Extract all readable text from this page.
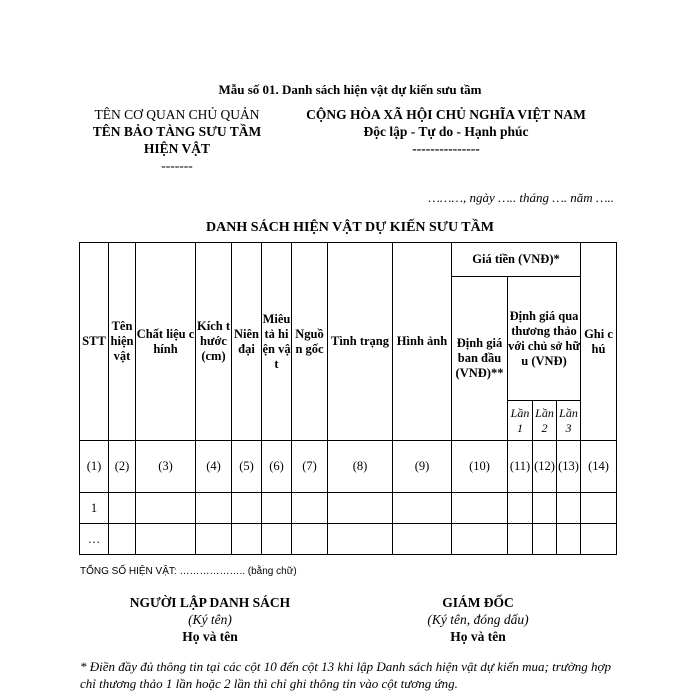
Mẫu số 01. Danh sách hiện vật dự kiến sưu tầm
TÊN CƠ QUAN CHỦ QUẢN
TÊN BẢO TÀNG SƯU TẦM
HIỆN VẬT
-------
CỘNG HÒA XÃ HỘI CHỦ NGHĨA VIỆT NAM
Độc lập - Tự do - Hạnh phúc
---------------
………, ngày ….. tháng …. năm …..
DANH SÁCH HIỆN VẬT DỰ KIẾN SƯU TẦM
STT	Tên hiện vật	Chất liệu chính	Kích thước (cm)	Niên đại	Miêu tả hiện vật	Nguồn gốc	Tình trạng	Hình ảnh	Giá tiền (VNĐ)*				Ghi chú
									Định giá ban đầu (VNĐ)**	Định giá qua thương thảo với chủ sở hữu (VNĐ)			
										Lần 1	Lần 2	Lần 3	
(1)	(2)	(3)	(4)	(5)	(6)	(7)	(8)	(9)	(10)	(11)	(12)	(13)	(14)
1													
…													
TỔNG SỐ HIỆN VẬT: ……………….. (bằng chữ)
NGƯỜI LẬP DANH SÁCH
(Ký tên)
Họ và tên
GIÁM ĐỐC
(Ký tên, đóng dấu)
Họ và tên
* Điền đầy đủ thông tin tại các cột 10 đến cột 13 khi lập Danh sách hiện vật dự kiến mua; trường hợp chỉ thương thảo 1 lần hoặc 2 lần thì chỉ ghi thông tin vào cột tương ứng.
